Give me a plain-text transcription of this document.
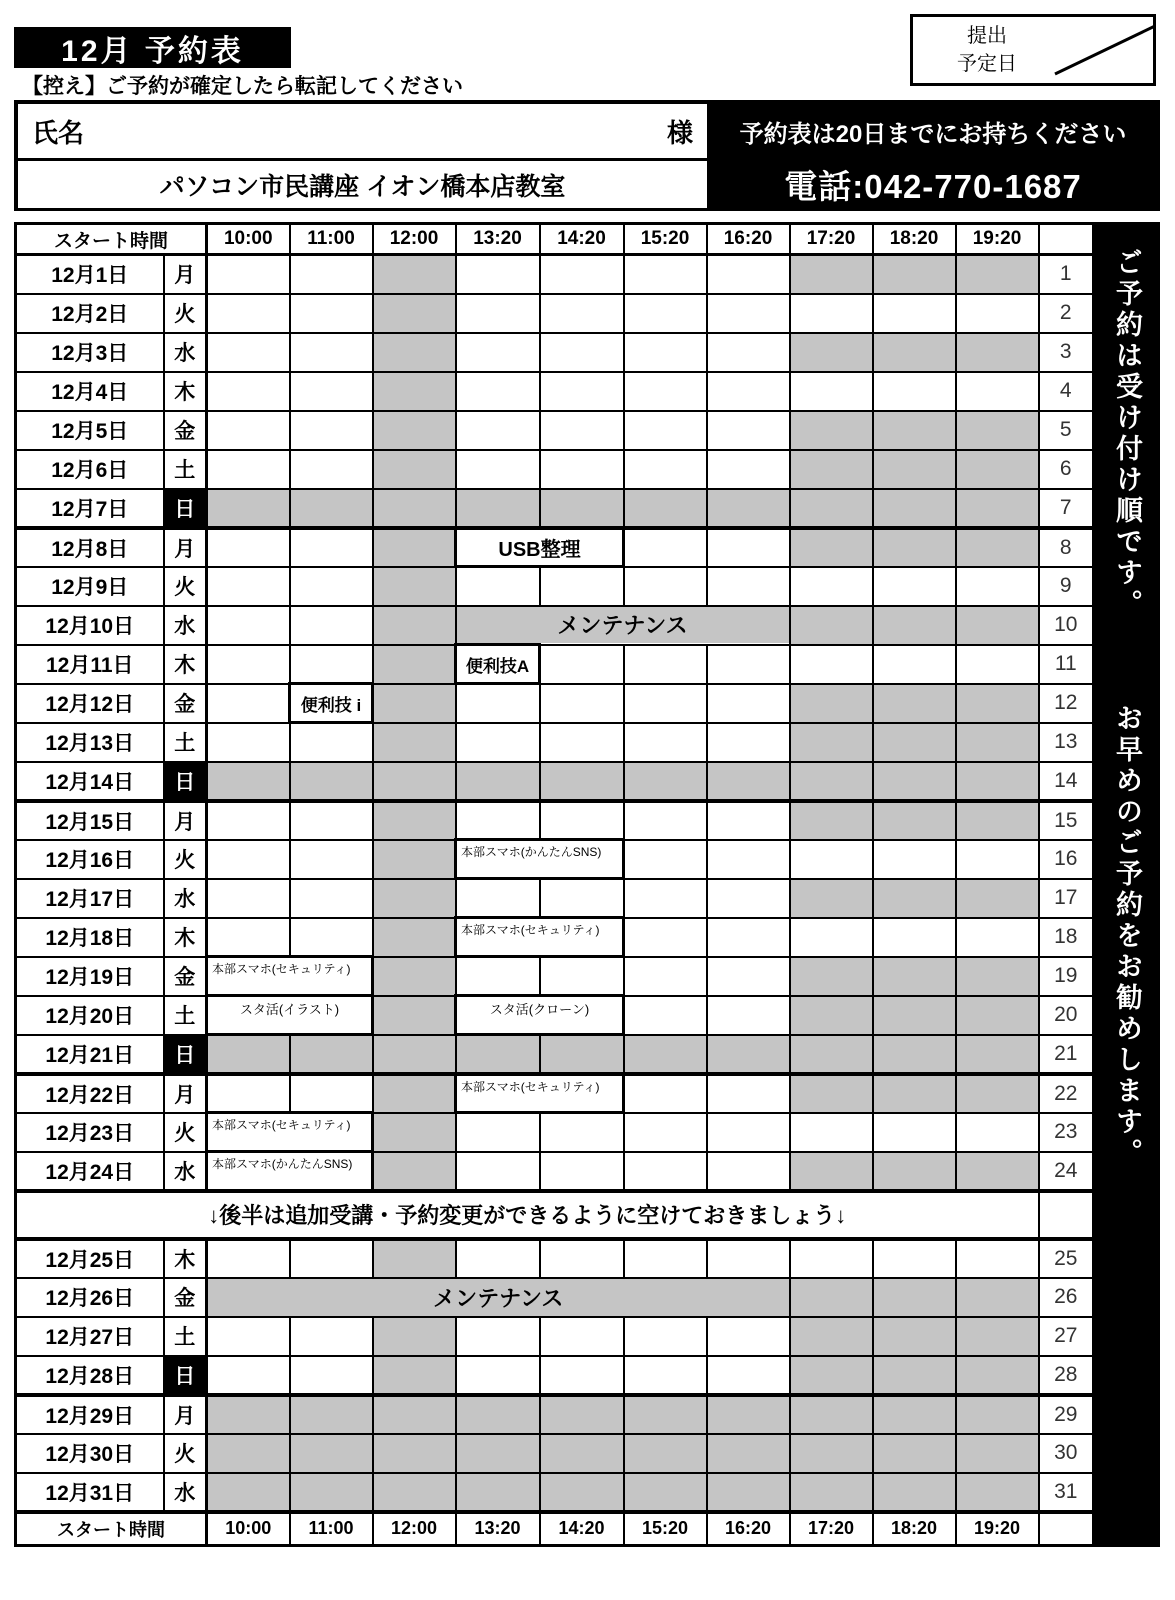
12月 予約表
【控え】ご予約が確定したら転記してください
提出
予定日
氏名	様	予約表は20日までにお持ちください
パソコン市民講座 イオン橋本店教室	電話:042-770-1687
スタート時間		10:00	11:00	12:00	13:20	14:20	15:20	16:20	17:20	18:20	19:20	
12月1日	月											1
12月2日	火											2
12月3日	水											3
12月4日	木											4
12月5日	金											5
12月6日	土											6
12月7日	日											7
12月8日	月				USB整理							8
12月9日	火											9
12月10日	水				メンテナンス							10
12月11日	木				便利技A							11
12月12日	金		便利技 i									12
12月13日	土											13
12月14日	日											14
12月15日	月											15
12月16日	火				本部スマホ(かんたんSNS)							16
12月17日	水											17
12月18日	木				本部スマホ(セキュリティ)							18
12月19日	金	本部スマホ(セキュリティ)										19
12月20日	土	スタ活(イラスト)			スタ活(クローン)							20
12月21日	日											21
12月22日	月				本部スマホ(セキュリティ)							22
12月23日	火	本部スマホ(セキュリティ)										23
12月24日	水	本部スマホ(かんたんSNS)										24
↓後半は追加受講・予約変更ができるように空けておきましょう↓												
12月25日	木											25
12月26日	金	メンテナンス										26
12月27日	土											27
12月28日	日											28
12月29日	月											29
12月30日	火											30
12月31日	水											31
スタート時間		10:00	11:00	12:00	13:20	14:20	15:20	16:20	17:20	18:20	19:20	
ご予約は受け付け順です。 お早めのご予約をお勧めします。
